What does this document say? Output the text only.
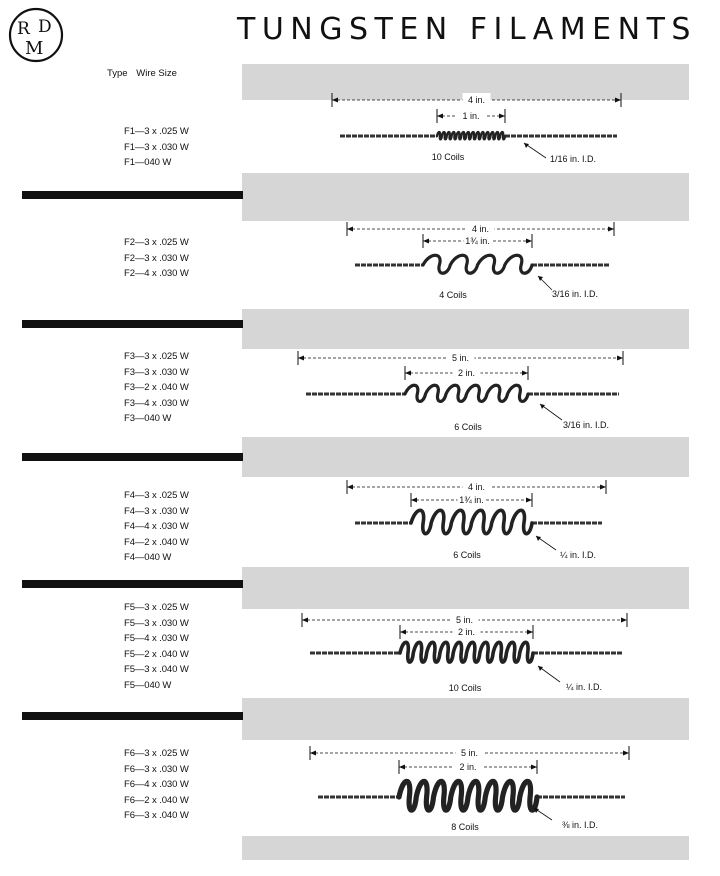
R D
M
TUNGSTEN FILAMENTS
Type Wire Size
F1—3 x .025 W
F1—3 x .030 W
F1—040 W
F2—3 x .025 W
F2—3 x .030 W
F2—4 x .030 W
F3—3 x .025 W
F3—3 x .030 W
F3—2 x .040 W
F3—4 x .030 W
F3—040 W
F4—3 x .025 W
F4—3 x .030 W
F4—4 x .030 W
F4—2 x .040 W
F4—040 W
F5—3 x .025 W
F5—3 x .030 W
F5—4 x .030 W
F5—2 x .040 W
F5—3 x .040 W
F5—040 W
F6—3 x .025 W
F6—3 x .030 W
F6—4 x .030 W
F6—2 x .040 W
F6—3 x .040 W
4 in.
1 in.
10 Coils	1/16 in. I.D.
4 in.
1¾ in.
4 Coils	3/16 in. I.D.
5 in.
2 in.
6 Coils	3/16 in. I.D.
4 in.
1¾ in.
6 Coils	¼ in. I.D.
5 in.
2 in.
10 Coils	¼ in. I.D.
5 in.
2 in.
8 Coils	⅜ in. I.D.
